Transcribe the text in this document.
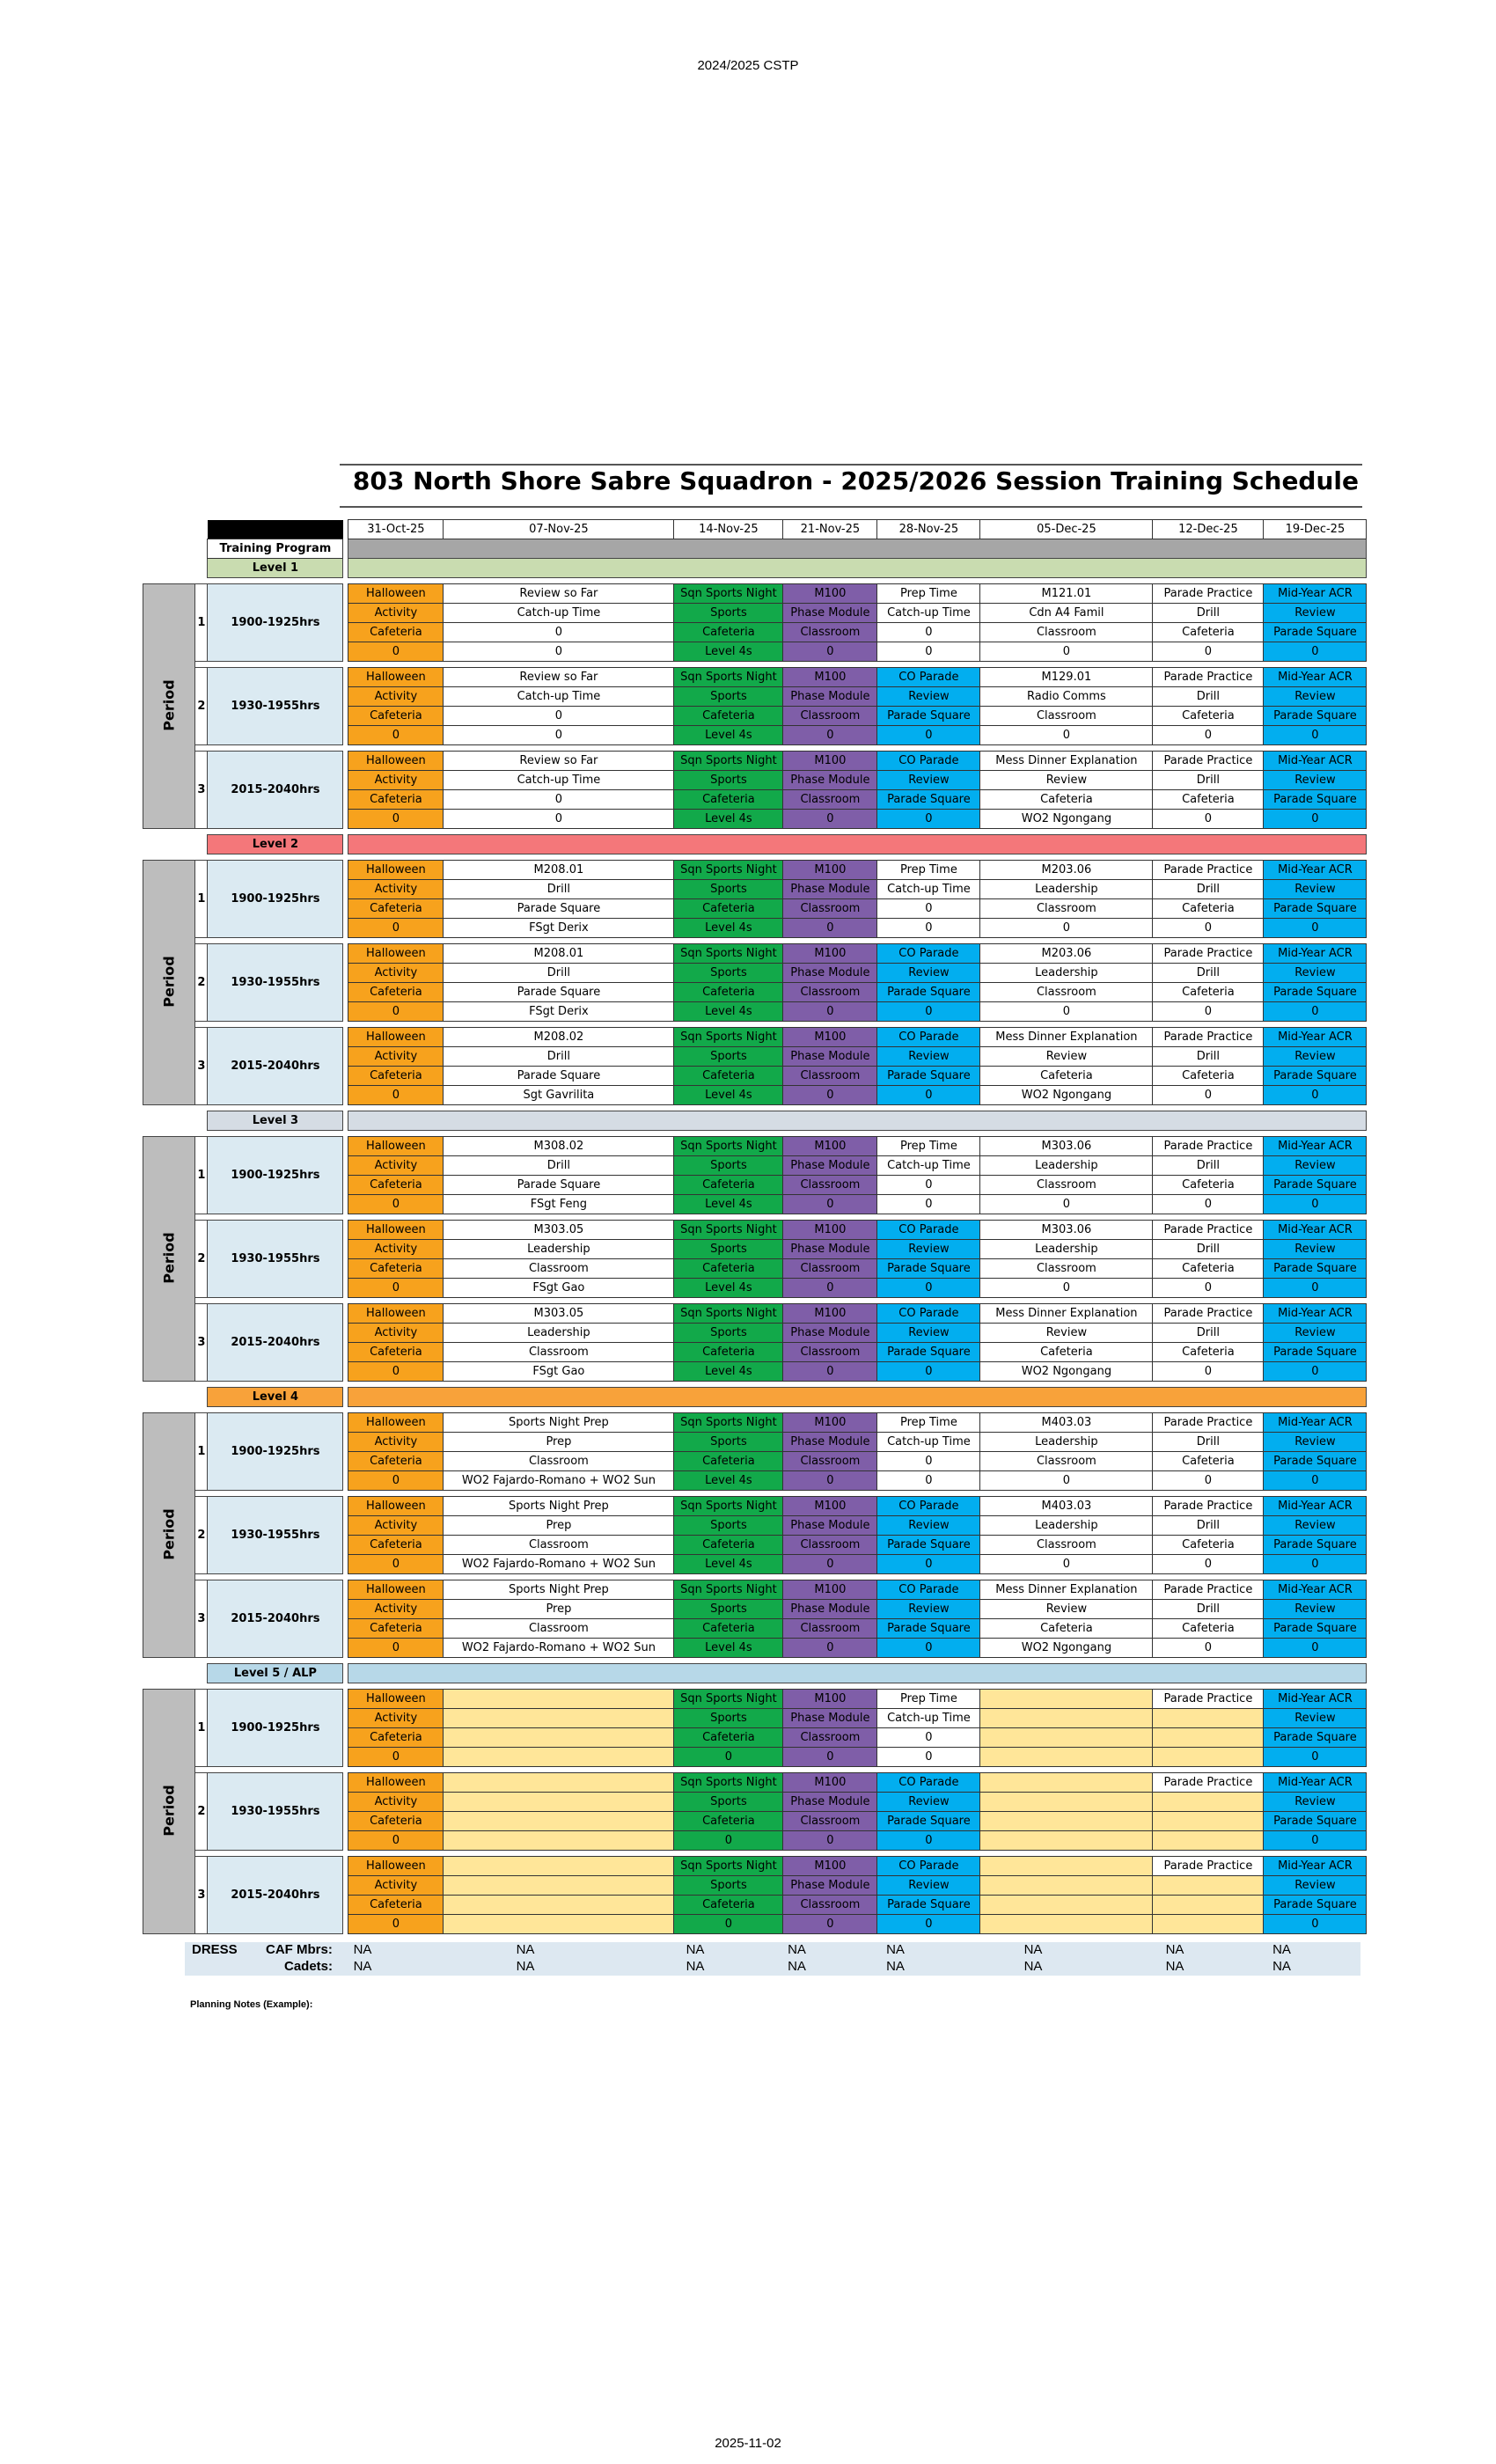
2024/2025 CSTP
803 North Shore Sabre Squadron - 2025/2026 Session Training Schedule
				31-Oct-25	07-Nov-25	14-Nov-25	21-Nov-25	28-Nov-25	05-Dec-25	12-Dec-25	19-Dec-25
		Training Program									
		Level 1									

Period	1	1900-1925hrs		Halloween	Review so Far	Sqn Sports Night	M100	Prep Time	M121.01	Parade Practice	Mid-Year ACR
				Activity	Catch-up Time	Sports	Phase Module	Catch-up Time	Cdn A4 Famil	Drill	Review
				Cafeteria	0	Cafeteria	Classroom	0	Classroom	Cafeteria	Parade Square
				0	0	Level 4s	0	0	0	0	0

	2	1930-1955hrs		Halloween	Review so Far	Sqn Sports Night	M100	CO Parade	M129.01	Parade Practice	Mid-Year ACR
				Activity	Catch-up Time	Sports	Phase Module	Review	Radio Comms	Drill	Review
				Cafeteria	0	Cafeteria	Classroom	Parade Square	Classroom	Cafeteria	Parade Square
				0	0	Level 4s	0	0	0	0	0

	3	2015-2040hrs		Halloween	Review so Far	Sqn Sports Night	M100	CO Parade	Mess Dinner Explanation	Parade Practice	Mid-Year ACR
				Activity	Catch-up Time	Sports	Phase Module	Review	Review	Drill	Review
				Cafeteria	0	Cafeteria	Classroom	Parade Square	Cafeteria	Cafeteria	Parade Square
				0	0	Level 4s	0	0	WO2 Ngongang	0	0

		Level 2									

Period	1	1900-1925hrs		Halloween	M208.01	Sqn Sports Night	M100	Prep Time	M203.06	Parade Practice	Mid-Year ACR
				Activity	Drill	Sports	Phase Module	Catch-up Time	Leadership	Drill	Review
				Cafeteria	Parade Square	Cafeteria	Classroom	0	Classroom	Cafeteria	Parade Square
				0	FSgt Derix	Level 4s	0	0	0	0	0

	2	1930-1955hrs		Halloween	M208.01	Sqn Sports Night	M100	CO Parade	M203.06	Parade Practice	Mid-Year ACR
				Activity	Drill	Sports	Phase Module	Review	Leadership	Drill	Review
				Cafeteria	Parade Square	Cafeteria	Classroom	Parade Square	Classroom	Cafeteria	Parade Square
				0	FSgt Derix	Level 4s	0	0	0	0	0

	3	2015-2040hrs		Halloween	M208.02	Sqn Sports Night	M100	CO Parade	Mess Dinner Explanation	Parade Practice	Mid-Year ACR
				Activity	Drill	Sports	Phase Module	Review	Review	Drill	Review
				Cafeteria	Parade Square	Cafeteria	Classroom	Parade Square	Cafeteria	Cafeteria	Parade Square
				0	Sgt Gavrilita	Level 4s	0	0	WO2 Ngongang	0	0

		Level 3									

Period	1	1900-1925hrs		Halloween	M308.02	Sqn Sports Night	M100	Prep Time	M303.06	Parade Practice	Mid-Year ACR
				Activity	Drill	Sports	Phase Module	Catch-up Time	Leadership	Drill	Review
				Cafeteria	Parade Square	Cafeteria	Classroom	0	Classroom	Cafeteria	Parade Square
				0	FSgt Feng	Level 4s	0	0	0	0	0

	2	1930-1955hrs		Halloween	M303.05	Sqn Sports Night	M100	CO Parade	M303.06	Parade Practice	Mid-Year ACR
				Activity	Leadership	Sports	Phase Module	Review	Leadership	Drill	Review
				Cafeteria	Classroom	Cafeteria	Classroom	Parade Square	Classroom	Cafeteria	Parade Square
				0	FSgt Gao	Level 4s	0	0	0	0	0

	3	2015-2040hrs		Halloween	M303.05	Sqn Sports Night	M100	CO Parade	Mess Dinner Explanation	Parade Practice	Mid-Year ACR
				Activity	Leadership	Sports	Phase Module	Review	Review	Drill	Review
				Cafeteria	Classroom	Cafeteria	Classroom	Parade Square	Cafeteria	Cafeteria	Parade Square
				0	FSgt Gao	Level 4s	0	0	WO2 Ngongang	0	0

		Level 4									

Period	1	1900-1925hrs		Halloween	Sports Night Prep	Sqn Sports Night	M100	Prep Time	M403.03	Parade Practice	Mid-Year ACR
				Activity	Prep	Sports	Phase Module	Catch-up Time	Leadership	Drill	Review
				Cafeteria	Classroom	Cafeteria	Classroom	0	Classroom	Cafeteria	Parade Square
				0	WO2 Fajardo-Romano + WO2 Sun	Level 4s	0	0	0	0	0

	2	1930-1955hrs		Halloween	Sports Night Prep	Sqn Sports Night	M100	CO Parade	M403.03	Parade Practice	Mid-Year ACR
				Activity	Prep	Sports	Phase Module	Review	Leadership	Drill	Review
				Cafeteria	Classroom	Cafeteria	Classroom	Parade Square	Classroom	Cafeteria	Parade Square
				0	WO2 Fajardo-Romano + WO2 Sun	Level 4s	0	0	0	0	0

	3	2015-2040hrs		Halloween	Sports Night Prep	Sqn Sports Night	M100	CO Parade	Mess Dinner Explanation	Parade Practice	Mid-Year ACR
				Activity	Prep	Sports	Phase Module	Review	Review	Drill	Review
				Cafeteria	Classroom	Cafeteria	Classroom	Parade Square	Cafeteria	Cafeteria	Parade Square
				0	WO2 Fajardo-Romano + WO2 Sun	Level 4s	0	0	WO2 Ngongang	0	0

		Level 5 / ALP									

Period	1	1900-1925hrs		Halloween		Sqn Sports Night	M100	Prep Time		Parade Practice	Mid-Year ACR
				Activity		Sports	Phase Module	Catch-up Time			Review
				Cafeteria		Cafeteria	Classroom	0			Parade Square
				0		0	0	0			0

	2	1930-1955hrs		Halloween		Sqn Sports Night	M100	CO Parade		Parade Practice	Mid-Year ACR
				Activity		Sports	Phase Module	Review			Review
				Cafeteria		Cafeteria	Classroom	Parade Square			Parade Square
				0		0	0	0			0

	3	2015-2040hrs		Halloween		Sqn Sports Night	M100	CO Parade		Parade Practice	Mid-Year ACR
				Activity		Sports	Phase Module	Review			Review
				Cafeteria		Cafeteria	Classroom	Parade Square			Parade Square
				0		0	0	0			0

DRESS CAF Mbrs:
Cadets:
NA	NA	NA	NA	NA	NA	NA	NA
NA	NA	NA	NA	NA	NA	NA	NA
Planning Notes (Example):
2025-11-02
